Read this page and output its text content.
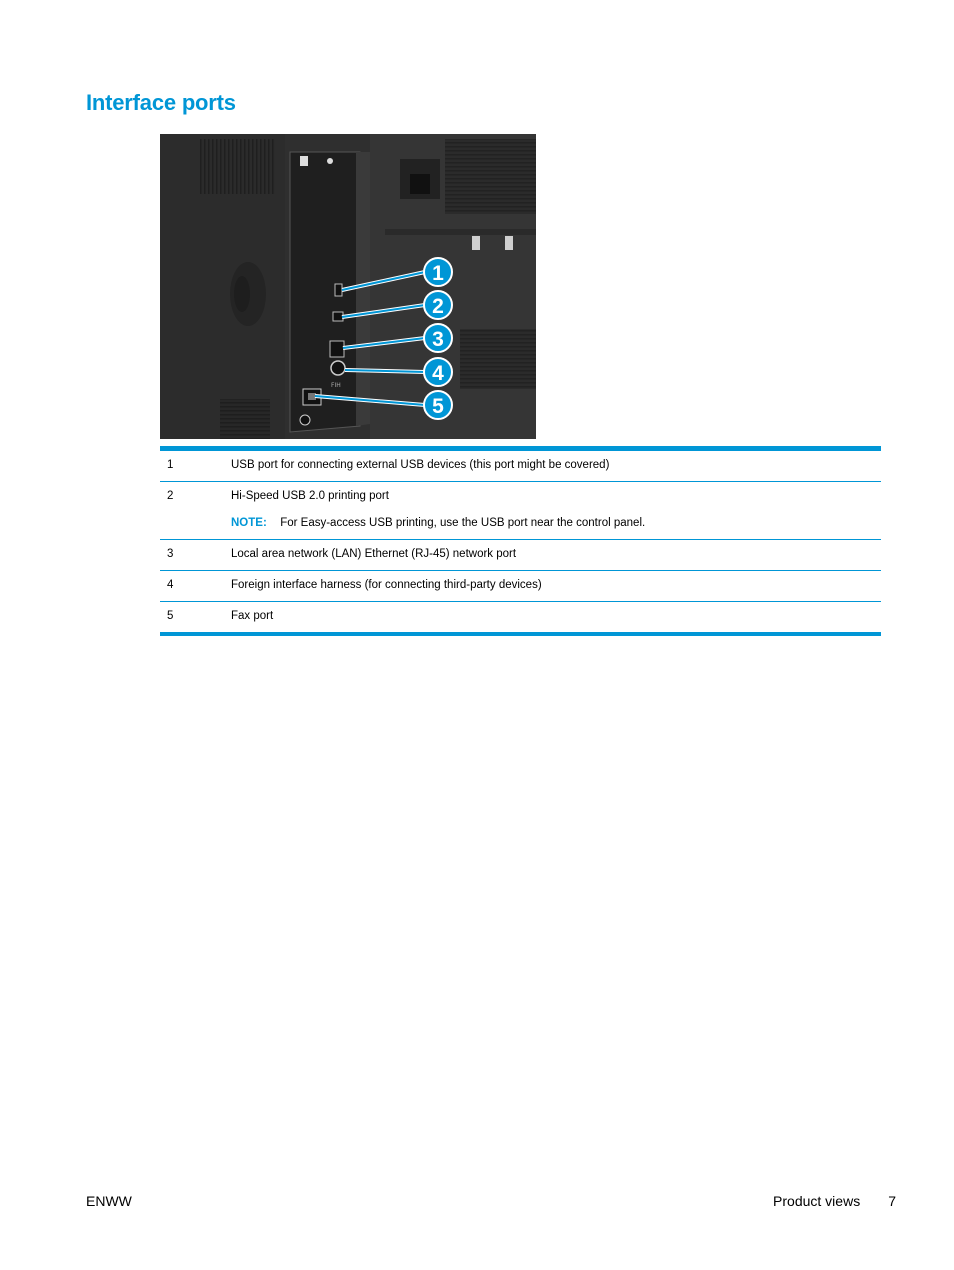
Interface ports
FIH
1
2
3
4
5
1	USB port for connecting external USB devices (this port might be covered)

2	Hi-Speed USB 2.0 printing port
NOTE: For Easy-access USB printing, use the USB port near the control panel.

3	Local area network (LAN) Ethernet (RJ-45) network port

4	Foreign interface harness (for connecting third-party devices)

5	Fax port
ENWW	Product views 7
